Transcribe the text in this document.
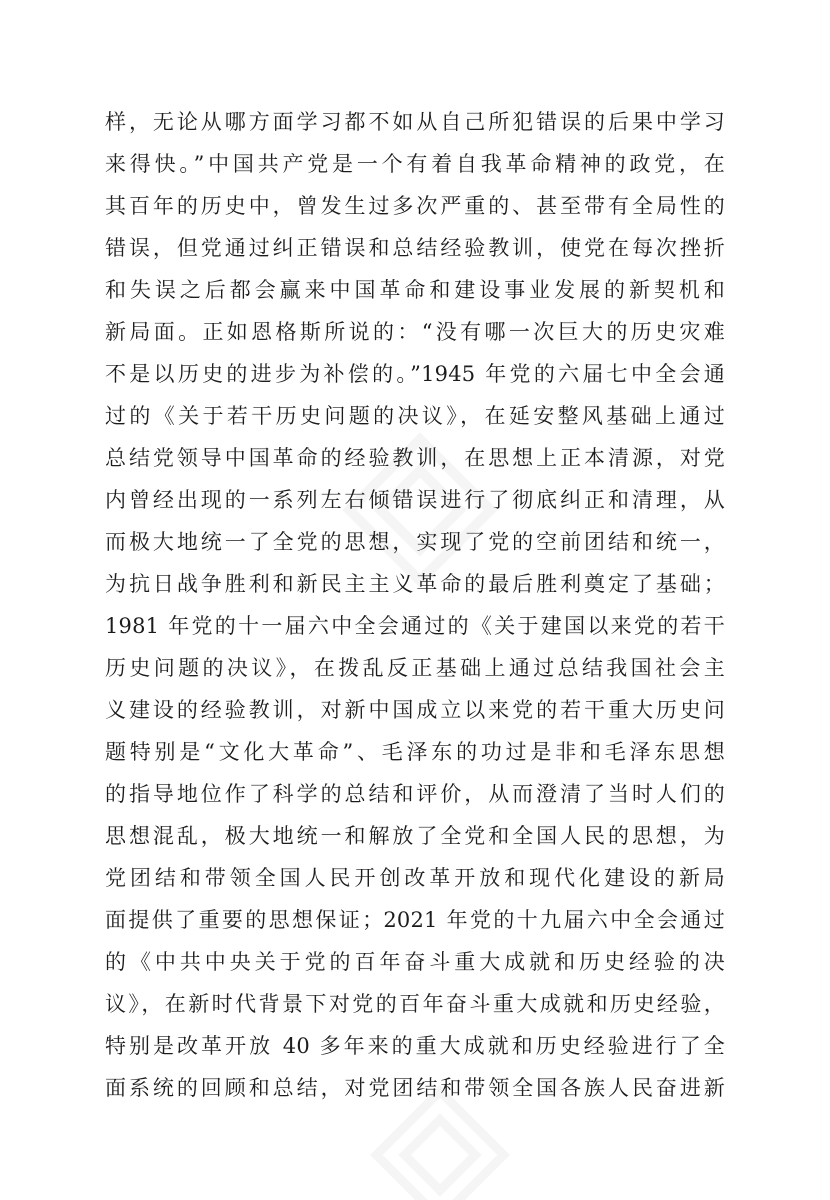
样，无论从哪方面学习都不如从自己所犯错误的后果中学习
来得快。”中国共产党是一个有着自我革命精神的政党，在
其百年的历史中，曾发生过多次严重的、甚至带有全局性的
错误，但党通过纠正错误和总结经验教训，使党在每次挫折
和失误之后都会赢来中国革命和建设事业发展的新契机和
新局面。正如恩格斯所说的：“没有哪一次巨大的历史灾难
不是以历史的进步为补偿的。”1945 年党的六届七中全会通
过的《关于若干历史问题的决议》，在延安整风基础上通过
总结党领导中国革命的经验教训，在思想上正本清源，对党
内曾经出现的一系列左右倾错误进行了彻底纠正和清理，从
而极大地统一了全党的思想，实现了党的空前团结和统一，
为抗日战争胜利和新民主主义革命的最后胜利奠定了基础；
1981 年党的十一届六中全会通过的《关于建国以来党的若干
历史问题的决议》，在拨乱反正基础上通过总结我国社会主
义建设的经验教训，对新中国成立以来党的若干重大历史问
题特别是“文化大革命”、毛泽东的功过是非和毛泽东思想
的指导地位作了科学的总结和评价，从而澄清了当时人们的
思想混乱，极大地统一和解放了全党和全国人民的思想，为
党团结和带领全国人民开创改革开放和现代化建设的新局
面提供了重要的思想保证；2021 年党的十九届六中全会通过
的《中共中央关于党的百年奋斗重大成就和历史经验的决
议》，在新时代背景下对党的百年奋斗重大成就和历史经验，
特别是改革开放 40 多年来的重大成就和历史经验进行了全
面系统的回顾和总结，对党团结和带领全国各族人民奋进新
